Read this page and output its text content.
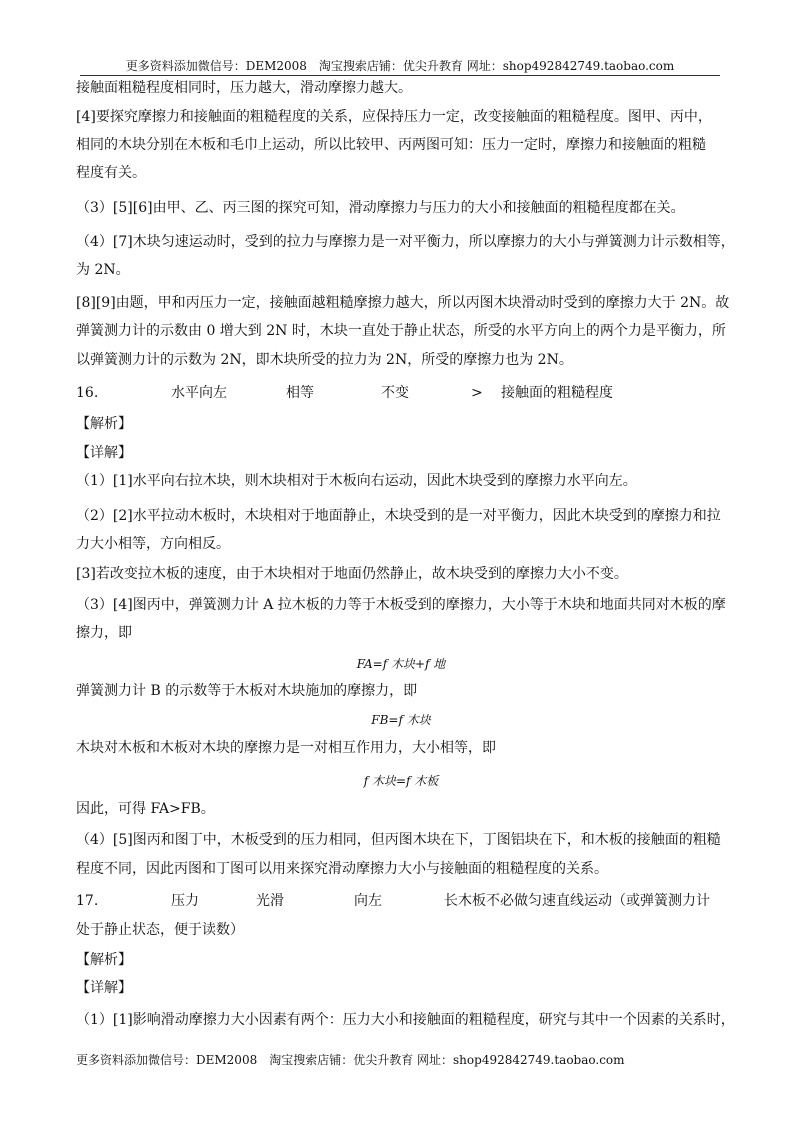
更多资料添加微信号：DEM2008　淘宝搜索店铺：优尖升教育 网址：shop492842749.taobao.com
接触面粗糙程度相同时，压力越大，滑动摩擦力越大。
[4]要探究摩擦力和接触面的粗糙程度的关系，应保持压力一定，改变接触面的粗糙程度。图甲、丙中，
相同的木块分别在木板和毛巾上运动，所以比较甲、丙两图可知：压力一定时，摩擦力和接触面的粗糙
程度有关。
（3）[5][6]由甲、乙、丙三图的探究可知，滑动摩擦力与压力的大小和接触面的粗糙程度都在关。
（4）[7]木块匀速运动时，受到的拉力与摩擦力是一对平衡力，所以摩擦力的大小与弹簧测力计示数相等，
为 2N。
[8][9]由题，甲和丙压力一定，接触面越粗糙摩擦力越大，所以丙图木块滑动时受到的摩擦力大于 2N。故
弹簧测力计的示数由 0 增大到 2N 时，木块一直处于静止状态，所受的水平方向上的两个力是平衡力，所
以弹簧测力计的示数为 2N，即木块所受的拉力为 2N，所受的摩擦力也为 2N。
16.	水平向左	相等	不变	> 接触面的粗糙程度
【解析】
【详解】
（1）[1]水平向右拉木块，则木块相对于木板向右运动，因此木块受到的摩擦力水平向左。
（2）[2]水平拉动木板时，木块相对于地面静止，木块受到的是一对平衡力，因此木块受到的摩擦力和拉
力大小相等，方向相反。
[3]若改变拉木板的速度，由于木块相对于地面仍然静止，故木块受到的摩擦力大小不变。
（3）[4]图丙中，弹簧测力计 A 拉木板的力等于木板受到的摩擦力，大小等于木块和地面共同对木板的摩
擦力，即
FA=f 木块+f 地
弹簧测力计 B 的示数等于木板对木块施加的摩擦力，即
FB=f 木块
木块对木板和木板对木块的摩擦力是一对相互作用力，大小相等，即
f 木块=f 木板
因此，可得 FA>FB。
（4）[5]图丙和图丁中，木板受到的压力相同，但丙图木块在下，丁图铝块在下，和木板的接触面的粗糙
程度不同，因此丙图和丁图可以用来探究滑动摩擦力大小与接触面的粗糙程度的关系。
17.	压力	光滑	向左	长木板不必做匀速直线运动（或弹簧测力计
处于静止状态，便于读数）
【解析】
【详解】
（1）[1]影响滑动摩擦力大小因素有两个：压力大小和接触面的粗糙程度，研究与其中一个因素的关系时，
更多资料添加微信号：DEM2008　淘宝搜索店铺：优尖升教育 网址：shop492842749.taobao.com
